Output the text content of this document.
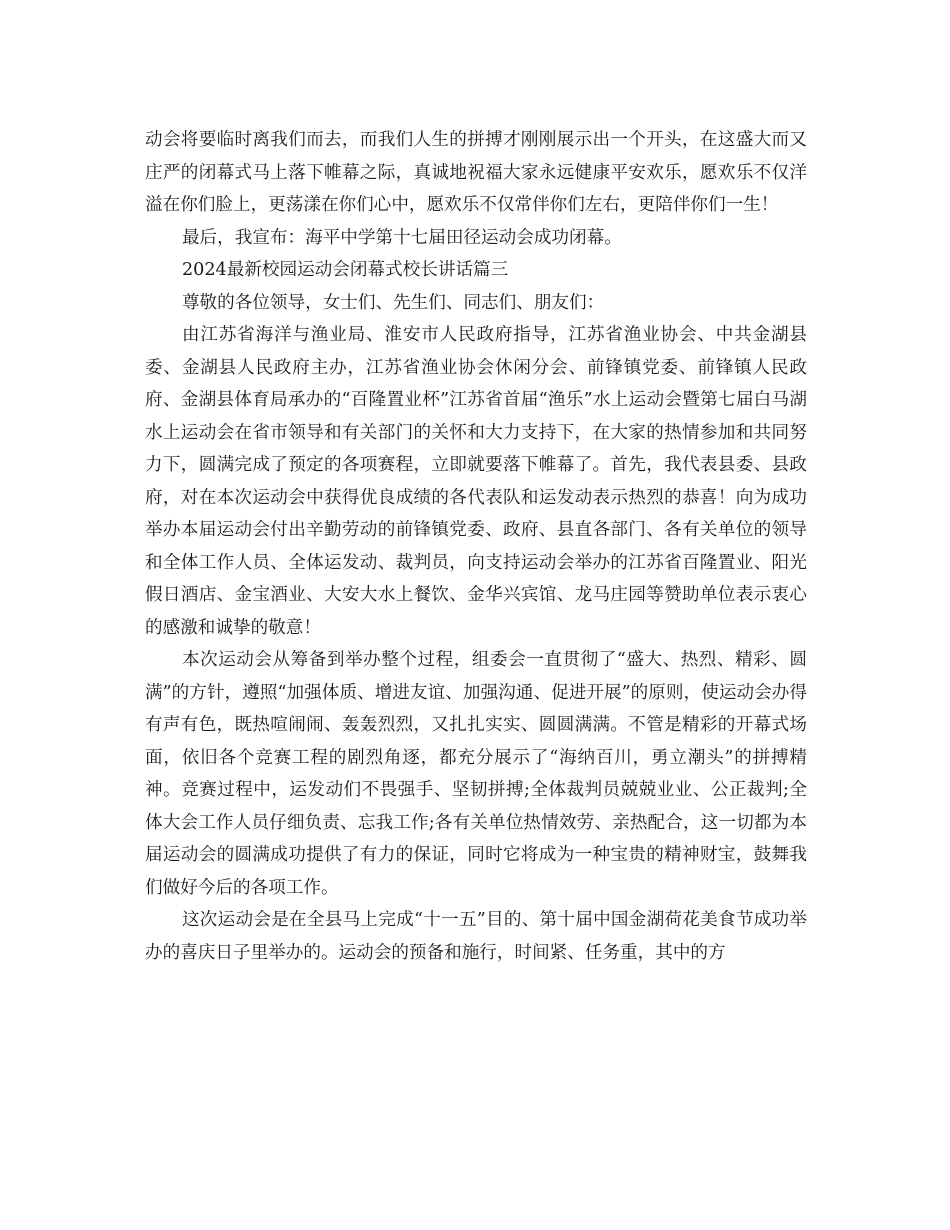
动会将要临时离我们而去，而我们人生的拼搏才刚刚展示出一个开头，在这盛大而又庄严的闭幕式马上落下帷幕之际，真诚地祝福大家永远健康平安欢乐，愿欢乐不仅洋溢在你们脸上，更荡漾在你们心中，愿欢乐不仅常伴你们左右，更陪伴你们一生！

最后，我宣布：海平中学第十七届田径运动会成功闭幕。

2024最新校园运动会闭幕式校长讲话篇三

尊敬的各位领导，女士们、先生们、同志们、朋友们：

由江苏省海洋与渔业局、淮安市人民政府指导，江苏省渔业协会、中共金湖县委、金湖县人民政府主办，江苏省渔业协会休闲分会、前锋镇党委、前锋镇人民政府、金湖县体育局承办的“百隆置业杯”江苏省首届“渔乐”水上运动会暨第七届白马湖水上运动会在省市领导和有关部门的关怀和大力支持下，在大家的热情参加和共同努力下，圆满完成了预定的各项赛程，立即就要落下帷幕了。首先，我代表县委、县政府，对在本次运动会中获得优良成绩的各代表队和运发动表示热烈的恭喜！向为成功举办本届运动会付出辛勤劳动的前锋镇党委、政府、县直各部门、各有关单位的领导和全体工作人员、全体运发动、裁判员，向支持运动会举办的江苏省百隆置业、阳光假日酒店、金宝酒业、大安大水上餐饮、金华兴宾馆、龙马庄园等赞助单位表示衷心的感激和诚挚的敬意！

本次运动会从筹备到举办整个过程，组委会一直贯彻了“盛大、热烈、精彩、圆满”的方针，遵照“加强体质、增进友谊、加强沟通、促进开展”的原则，使运动会办得有声有色，既热喧闹闹、轰轰烈烈，又扎扎实实、圆圆满满。不管是精彩的开幕式场面，依旧各个竞赛工程的剧烈角逐，都充分展示了“海纳百川，勇立潮头”的拼搏精神。竞赛过程中，运发动们不畏强手、坚韧拼搏;全体裁判员兢兢业业、公正裁判;全体大会工作人员仔细负责、忘我工作;各有关单位热情效劳、亲热配合，这一切都为本届运动会的圆满成功提供了有力的保证，同时它将成为一种宝贵的精神财宝，鼓舞我们做好今后的各项工作。

这次运动会是在全县马上完成“十一五”目的、第十届中国金湖荷花美食节成功举办的喜庆日子里举办的。运动会的预备和施行，时间紧、任务重，其中的方
